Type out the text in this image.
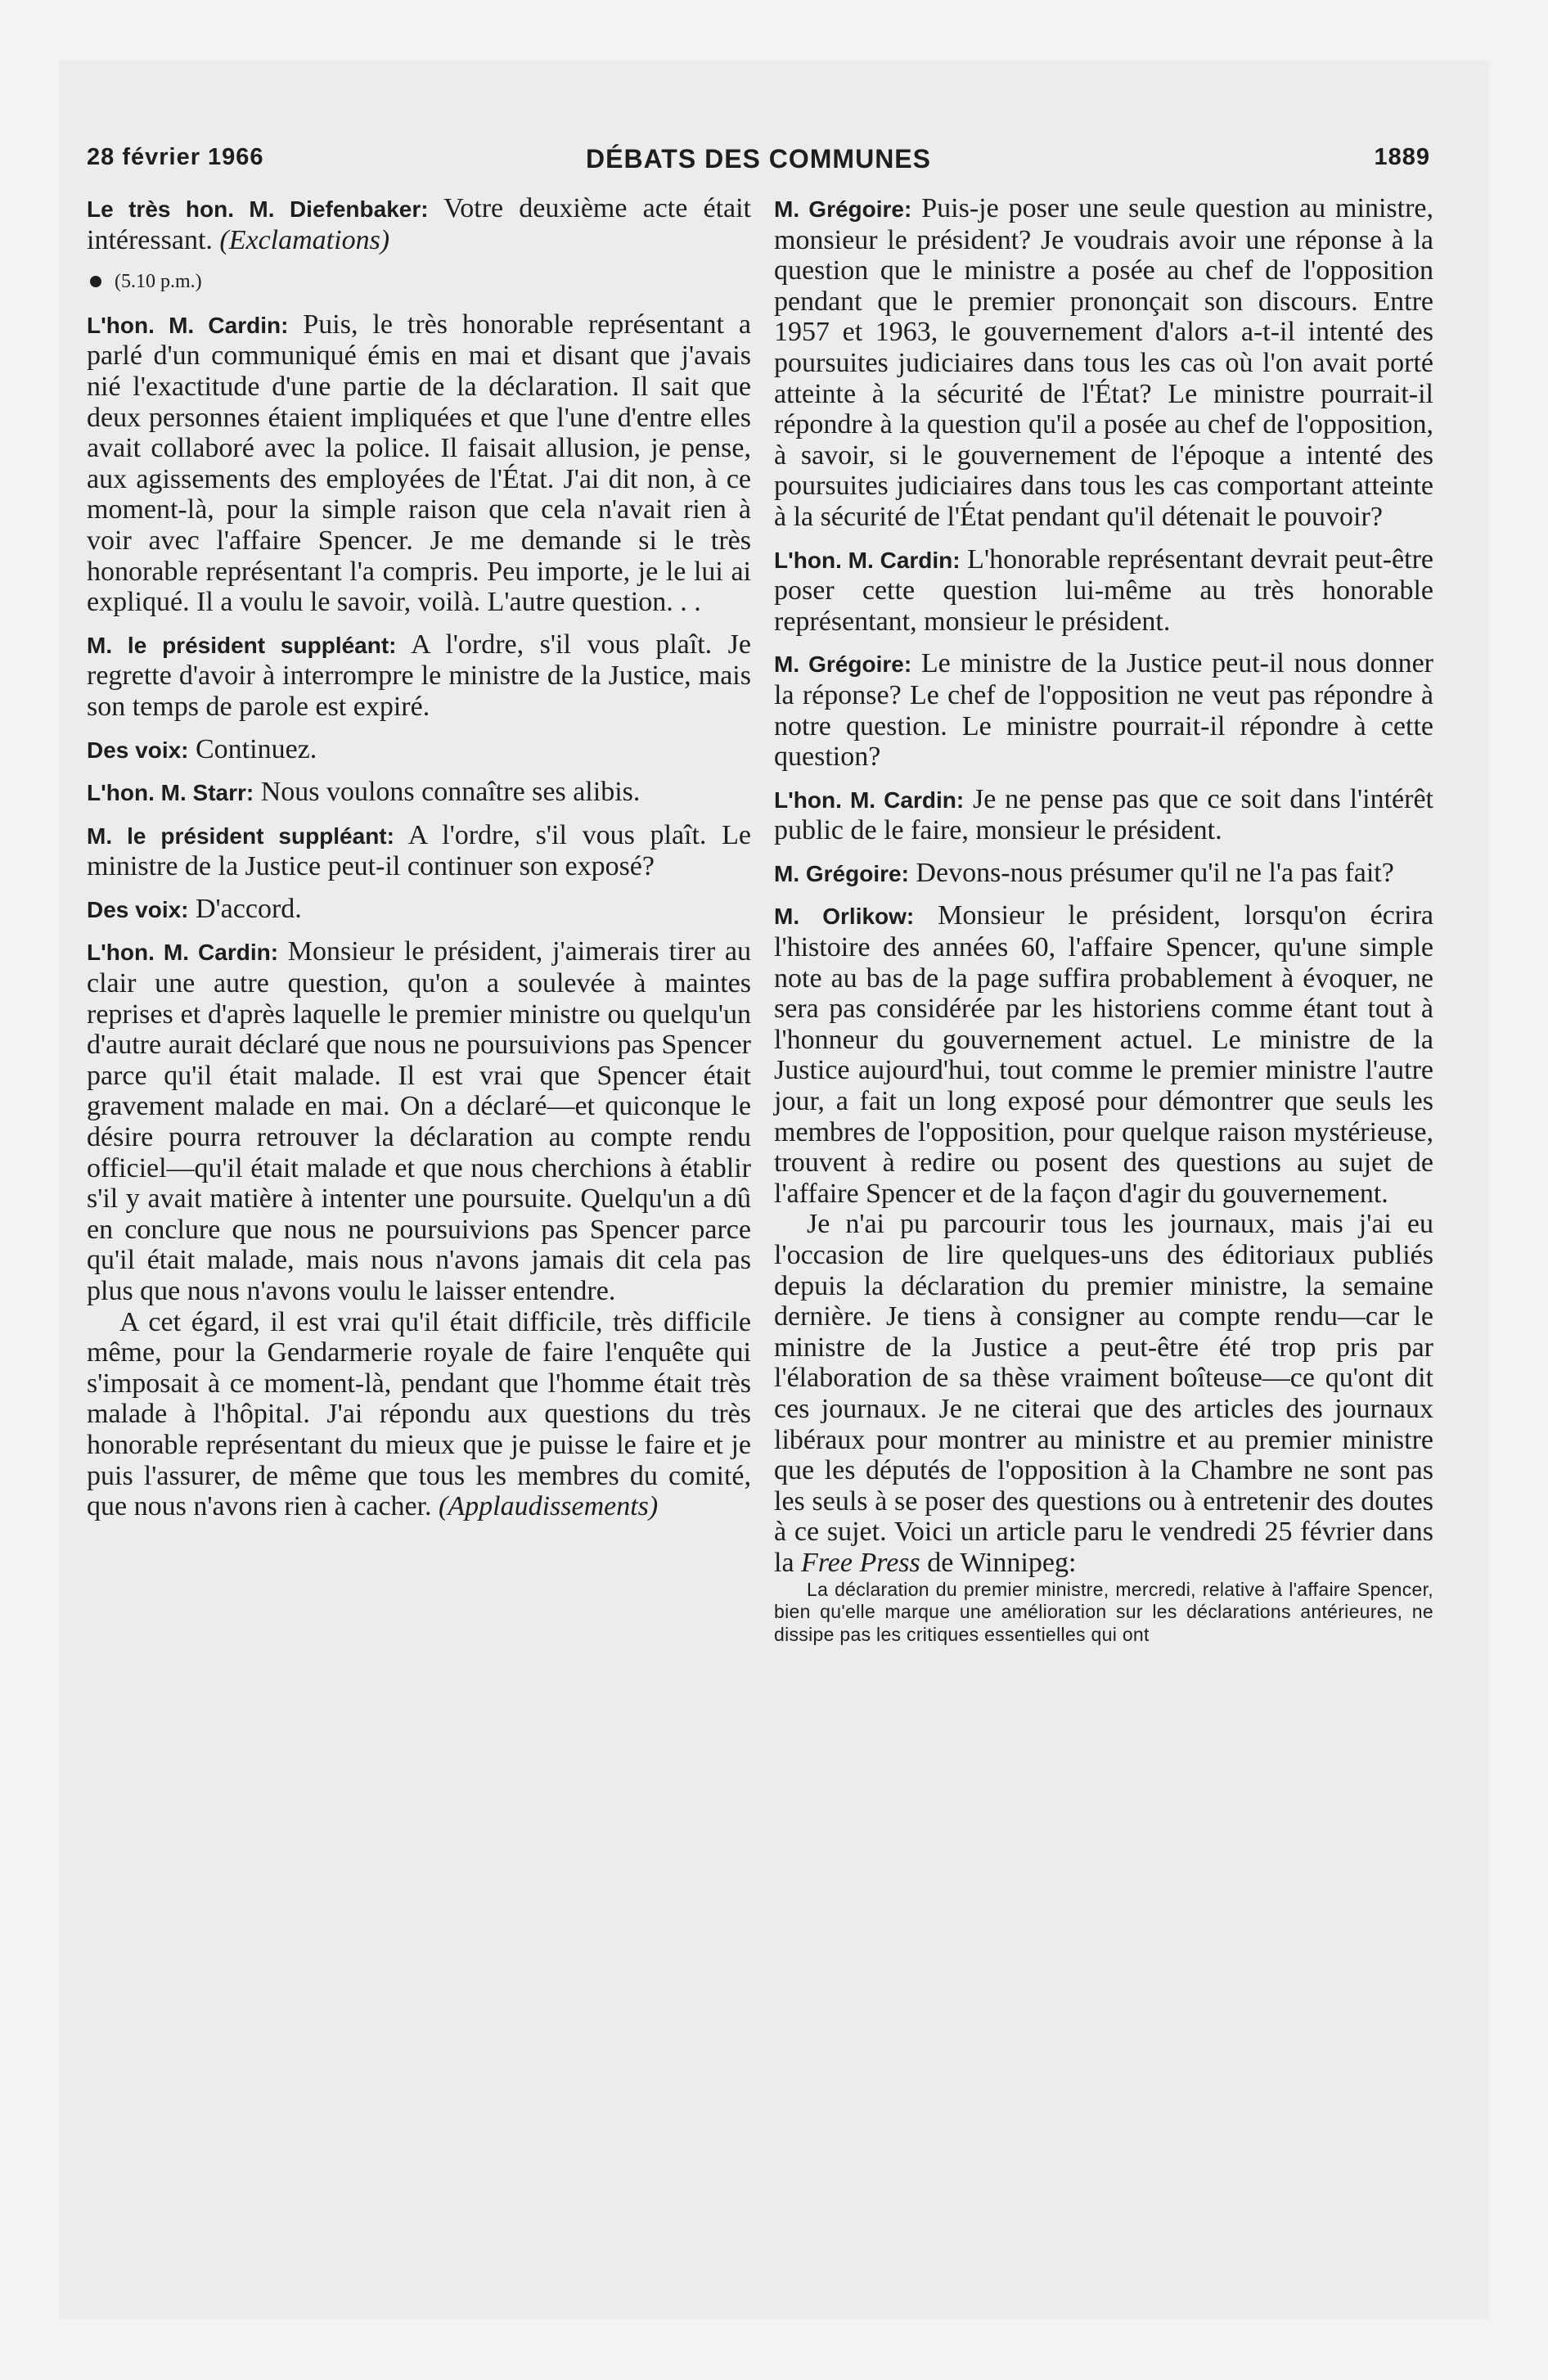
28 février 1966	DÉBATS DES COMMUNES	1889

Le très hon. M. Diefenbaker: Votre deuxième acte était intéressant. (Exclamations)

(5.10 p.m.)

L'hon. M. Cardin: Puis, le très honorable représentant a parlé d'un communiqué émis en mai et disant que j'avais nié l'exactitude d'une partie de la déclaration. Il sait que deux personnes étaient impliquées et que l'une d'entre elles avait collaboré avec la police. Il faisait allusion, je pense, aux agissements des employées de l'État. J'ai dit non, à ce moment-là, pour la simple raison que cela n'avait rien à voir avec l'affaire Spencer. Je me demande si le très honorable représentant l'a compris. Peu importe, je le lui ai expliqué. Il a voulu le savoir, voilà. L'autre question. . .

M. le président suppléant: A l'ordre, s'il vous plaît. Je regrette d'avoir à interrompre le ministre de la Justice, mais son temps de parole est expiré.

Des voix: Continuez.

L'hon. M. Starr: Nous voulons connaître ses alibis.

M. le président suppléant: A l'ordre, s'il vous plaît. Le ministre de la Justice peut-il continuer son exposé?

Des voix: D'accord.

L'hon. M. Cardin: Monsieur le président, j'aimerais tirer au clair une autre question, qu'on a soulevée à maintes reprises et d'après laquelle le premier ministre ou quelqu'un d'autre aurait déclaré que nous ne poursuivions pas Spencer parce qu'il était malade. Il est vrai que Spencer était gravement malade en mai. On a déclaré—et quiconque le désire pourra retrouver la déclaration au compte rendu officiel—qu'il était malade et que nous cherchions à établir s'il y avait matière à intenter une poursuite. Quelqu'un a dû en conclure que nous ne poursuivions pas Spencer parce qu'il était malade, mais nous n'avons jamais dit cela pas plus que nous n'avons voulu le laisser entendre.

A cet égard, il est vrai qu'il était difficile, très difficile même, pour la Gendarmerie royale de faire l'enquête qui s'imposait à ce moment-là, pendant que l'homme était très malade à l'hôpital. J'ai répondu aux questions du très honorable représentant du mieux que je puisse le faire et je puis l'assurer, de même que tous les membres du comité, que nous n'avons rien à cacher. (Applaudissements)

M. Grégoire: Puis-je poser une seule question au ministre, monsieur le président? Je voudrais avoir une réponse à la question que le ministre a posée au chef de l'opposition pendant que le premier prononçait son discours. Entre 1957 et 1963, le gouvernement d'alors a-t-il intenté des poursuites judiciaires dans tous les cas où l'on avait porté atteinte à la sécurité de l'État? Le ministre pourrait-il répondre à la question qu'il a posée au chef de l'opposition, à savoir, si le gouvernement de l'époque a intenté des poursuites judiciaires dans tous les cas comportant atteinte à la sécurité de l'État pendant qu'il détenait le pouvoir?

L'hon. M. Cardin: L'honorable représentant devrait peut-être poser cette question lui-même au très honorable représentant, monsieur le président.

M. Grégoire: Le ministre de la Justice peut-il nous donner la réponse? Le chef de l'opposition ne veut pas répondre à notre question. Le ministre pourrait-il répondre à cette question?

L'hon. M. Cardin: Je ne pense pas que ce soit dans l'intérêt public de le faire, monsieur le président.

M. Grégoire: Devons-nous présumer qu'il ne l'a pas fait?

M. Orlikow: Monsieur le président, lorsqu'on écrira l'histoire des années 60, l'affaire Spencer, qu'une simple note au bas de la page suffira probablement à évoquer, ne sera pas considérée par les historiens comme étant tout à l'honneur du gouvernement actuel. Le ministre de la Justice aujourd'hui, tout comme le premier ministre l'autre jour, a fait un long exposé pour démontrer que seuls les membres de l'opposition, pour quelque raison mystérieuse, trouvent à redire ou posent des questions au sujet de l'affaire Spencer et de la façon d'agir du gouvernement.

Je n'ai pu parcourir tous les journaux, mais j'ai eu l'occasion de lire quelques-uns des éditoriaux publiés depuis la déclaration du premier ministre, la semaine dernière. Je tiens à consigner au compte rendu—car le ministre de la Justice a peut-être été trop pris par l'élaboration de sa thèse vraiment boîteuse—ce qu'ont dit ces journaux. Je ne citerai que des articles des journaux libéraux pour montrer au ministre et au premier ministre que les députés de l'opposition à la Chambre ne sont pas les seuls à se poser des questions ou à entretenir des doutes à ce sujet. Voici un article paru le vendredi 25 février dans la Free Press de Winnipeg:

La déclaration du premier ministre, mercredi, relative à l'affaire Spencer, bien qu'elle marque une amélioration sur les déclarations antérieures, ne dissipe pas les critiques essentielles qui ont
